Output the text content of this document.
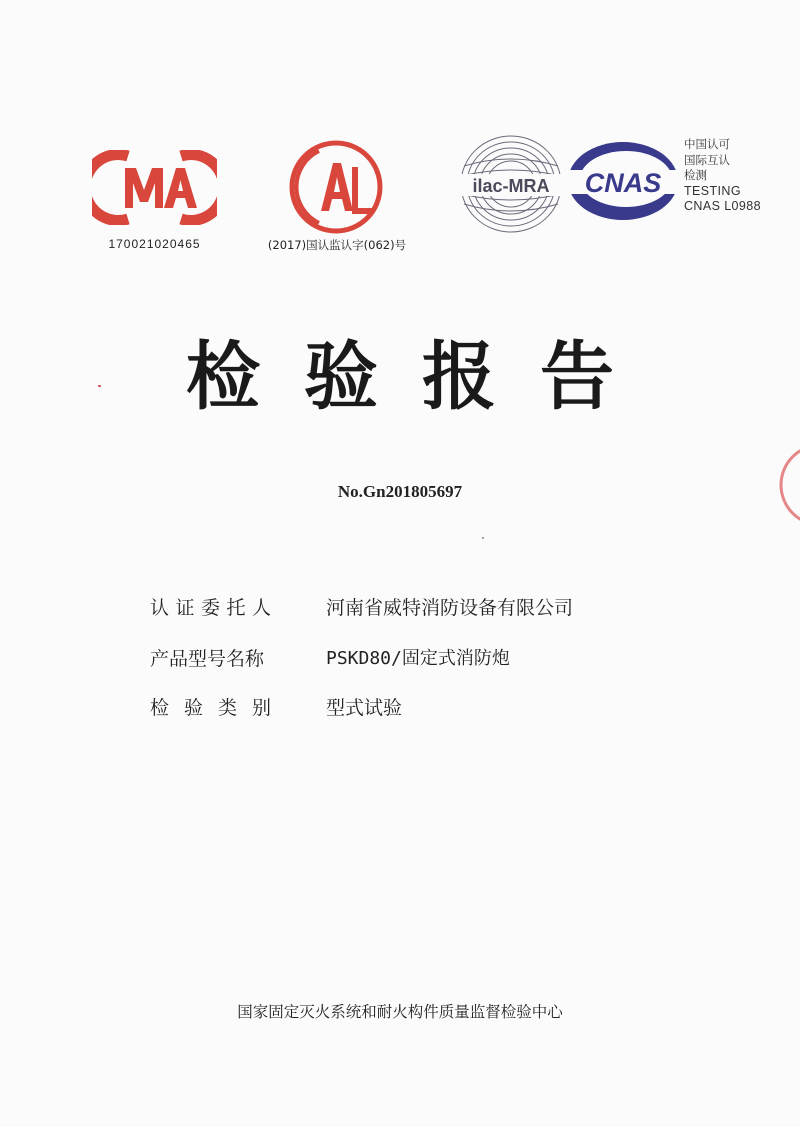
170021020465	(2017)国认监认字(062)号
ilac-MRA CNAS
中国认可
国际互认
检测
TESTING
CNAS L0988
检验报告
No.Gn201805697
认证委托人	河南省威特消防设备有限公司
产品型号名称	PSKD80/固定式消防炮
检验类别	型式试验
国家固定灭火系统和耐火构件质量监督检验中心
